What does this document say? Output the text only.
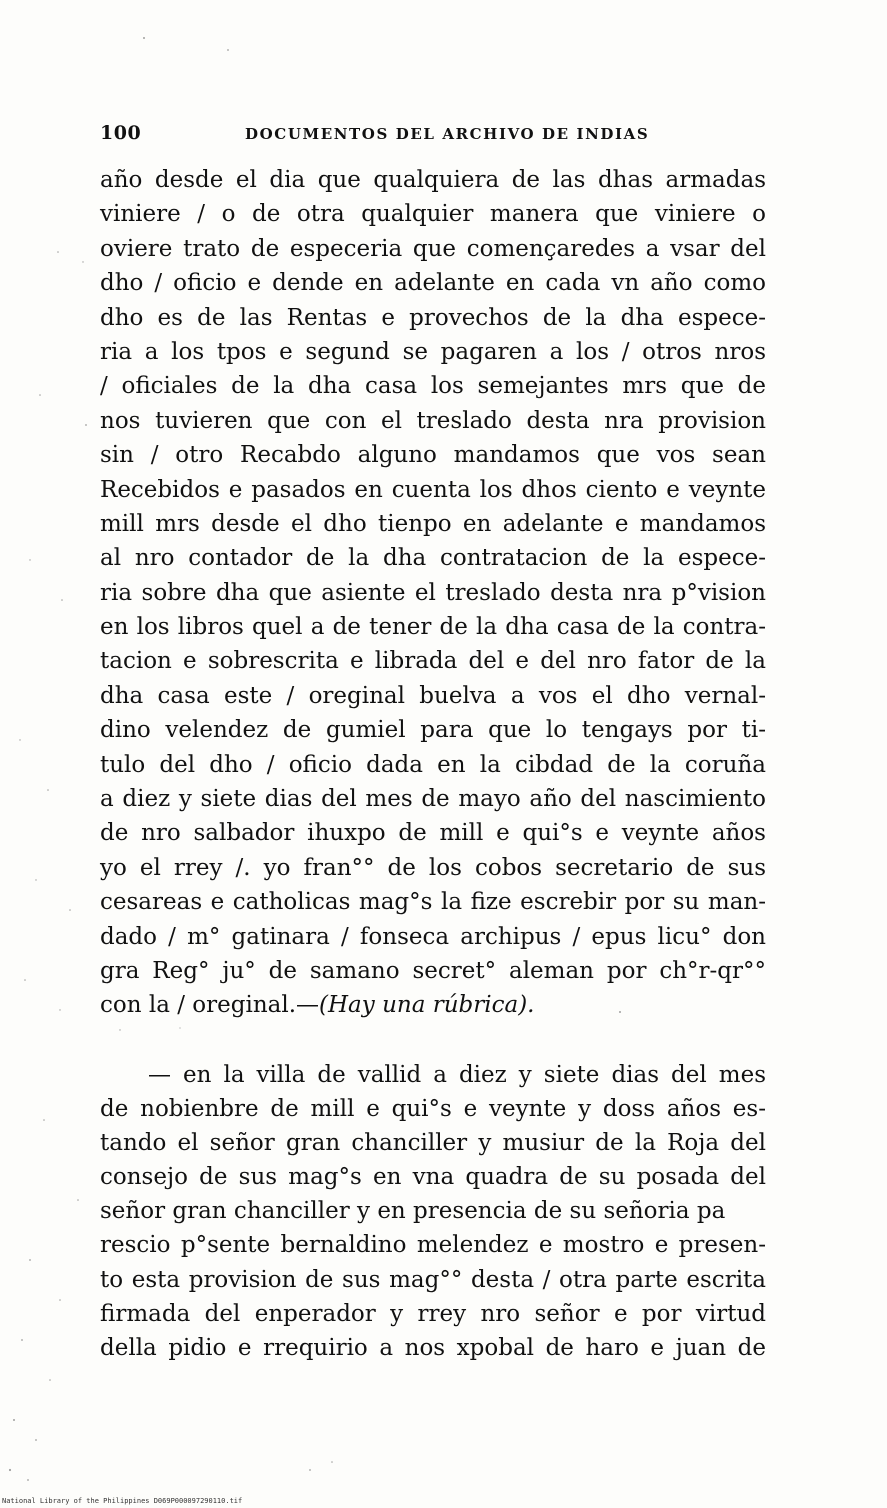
100	DOCUMENTOS DEL ARCHIVO DE INDIAS
año desde el dia que qualquiera de las dhas armadas
viniere / o de otra qualquier manera que viniere o
oviere trato de especeria que començaredes a vsar del
dho / oficio e dende en adelante en cada vn año como
dho es de las Rentas e provechos de la dha espece-
ria a los tpos e segund se pagaren a los / otros nros
/ oficiales de la dha casa los semejantes mrs que de
nos tuvieren que con el treslado desta nra provision
sin / otro Recabdo alguno mandamos que vos sean
Recebidos e pasados en cuenta los dhos ciento e veynte
mill mrs desde el dho tienpo en adelante e mandamos
al nro contador de la dha contratacion de la espece-
ria sobre dha que asiente el treslado desta nra p°vision
en los libros quel a de tener de la dha casa de la contra-
tacion e sobrescrita e librada del e del nro fator de la
dha casa este / oreginal buelva a vos el dho vernal-
dino velendez de gumiel para que lo tengays por ti-
tulo del dho / oficio dada en la cibdad de la coruña
a diez y siete dias del mes de mayo año del nascimiento
de nro salbador ihuxpo de mill e qui°s e veynte años
yo el rrey /. yo fran°° de los cobos secretario de sus
cesareas e catholicas mag°s la fize escrebir por su man-
dado / m° gatinara / fonseca archipus / epus licu° don
gra Reg° ju° de samano secret° aleman por ch°r-qr°°
con la / oreginal.—(Hay una rúbrica).
— en la villa de vallid a diez y siete dias del mes
de nobienbre de mill e qui°s e veynte y doss años es-
tando el señor gran chanciller y musiur de la Roja del
consejo de sus mag°s en vna quadra de su posada del
señor gran chanciller y en presencia de su señoria pa
rescio p°sente bernaldino melendez e mostro e presen-
to esta provision de sus mag°° desta / otra parte escrita
firmada del enperador y rrey nro señor e por virtud
della pidio e rrequirio a nos xpobal de haro e juan de
National Library of the Philippines D069P000097290110.tif
